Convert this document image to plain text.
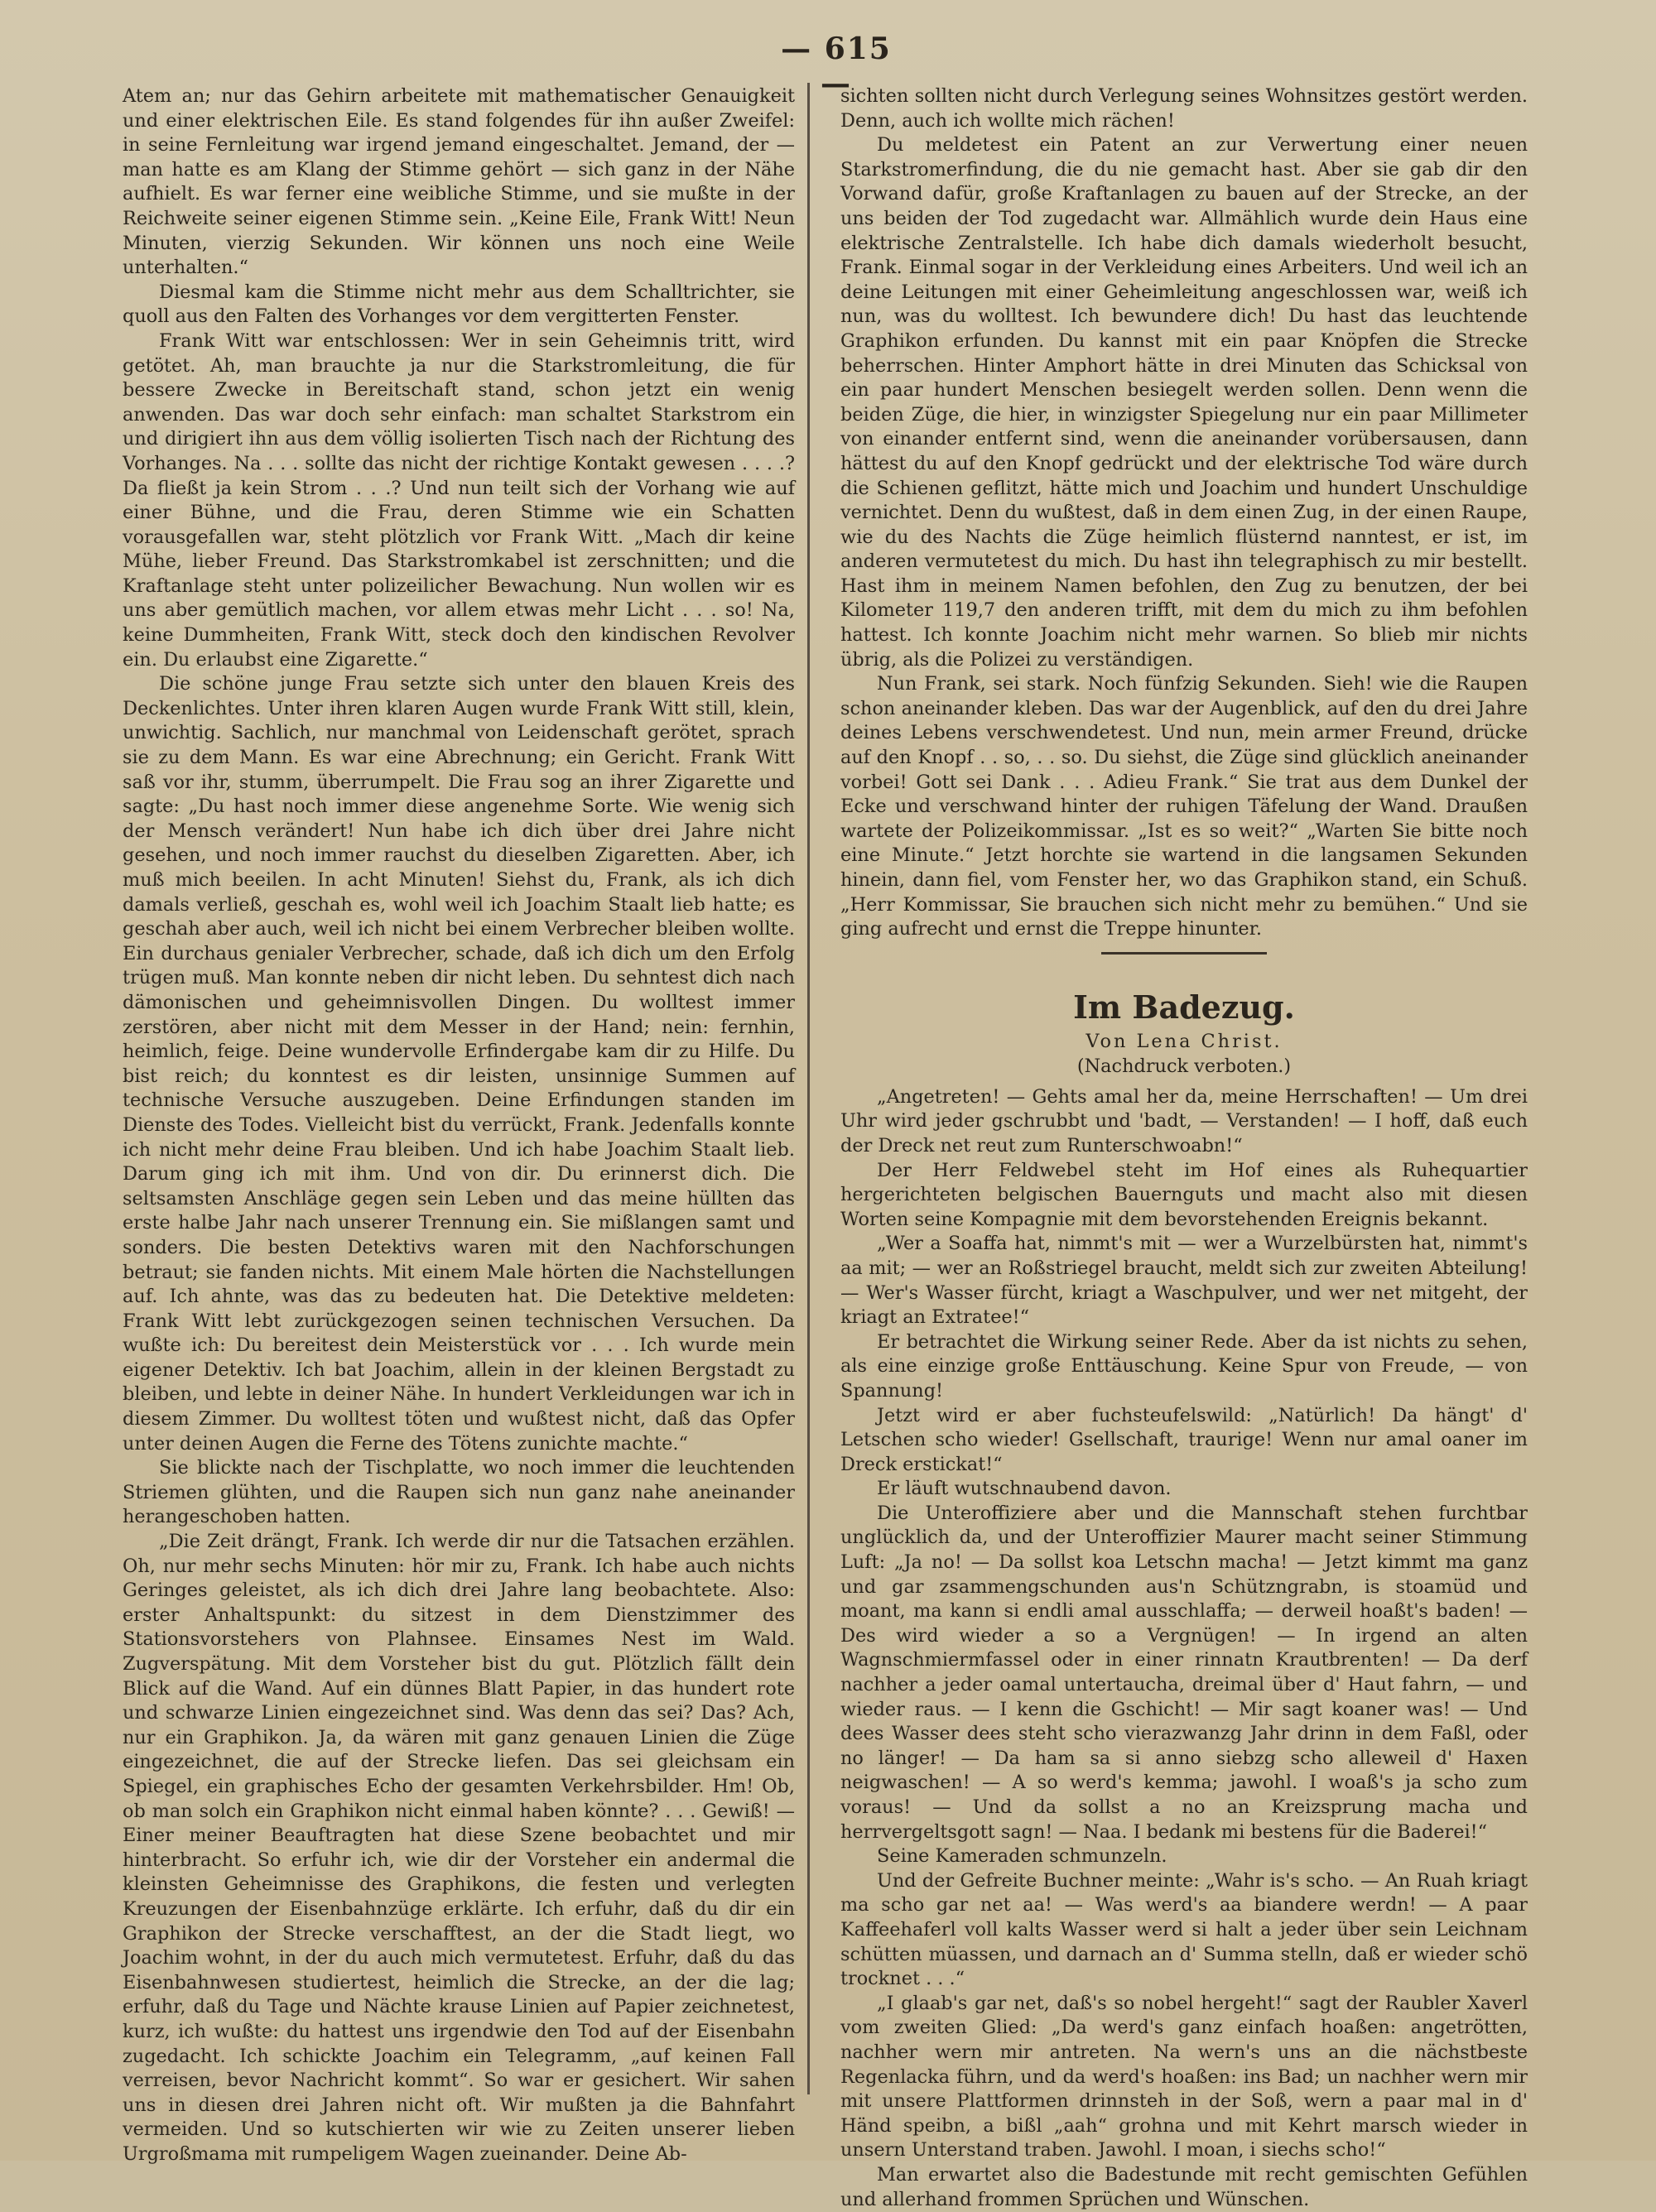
— 615 —

Atem an; nur das Gehirn arbeitete mit mathematischer Genauigkeit und einer elektrischen Eile. Es stand folgendes für ihn außer Zweifel: in seine Fernleitung war irgend jemand eingeschaltet. Jemand, der — man hatte es am Klang der Stimme gehört — sich ganz in der Nähe aufhielt. Es war ferner eine weibliche Stimme, und sie mußte in der Reichweite seiner eigenen Stimme sein. „Keine Eile, Frank Witt! Neun Minuten, vierzig Sekunden. Wir können uns noch eine Weile unterhalten.“

Diesmal kam die Stimme nicht mehr aus dem Schalltrichter, sie quoll aus den Falten des Vorhanges vor dem vergitterten Fenster.

Frank Witt war entschlossen: Wer in sein Geheimnis tritt, wird getötet. Ah, man brauchte ja nur die Starkstromleitung, die für bessere Zwecke in Bereitschaft stand, schon jetzt ein wenig anwenden. Das war doch sehr einfach: man schaltet Starkstrom ein und dirigiert ihn aus dem völlig isolierten Tisch nach der Richtung des Vorhanges. Na . . . sollte das nicht der richtige Kontakt gewesen . . . .? Da fließt ja kein Strom . . .? Und nun teilt sich der Vorhang wie auf einer Bühne, und die Frau, deren Stimme wie ein Schatten vorausgefallen war, steht plötzlich vor Frank Witt. „Mach dir keine Mühe, lieber Freund. Das Starkstromkabel ist zerschnitten; und die Kraftanlage steht unter polizeilicher Bewachung. Nun wollen wir es uns aber gemütlich machen, vor allem etwas mehr Licht . . . so! Na, keine Dummheiten, Frank Witt, steck doch den kindischen Revolver ein. Du erlaubst eine Zigarette.“

Die schöne junge Frau setzte sich unter den blauen Kreis des Deckenlichtes. Unter ihren klaren Augen wurde Frank Witt still, klein, unwichtig. Sachlich, nur manchmal von Leidenschaft gerötet, sprach sie zu dem Mann. Es war eine Abrechnung; ein Gericht. Frank Witt saß vor ihr, stumm, überrumpelt. Die Frau sog an ihrer Zigarette und sagte: „Du hast noch immer diese angenehme Sorte. Wie wenig sich der Mensch verändert! Nun habe ich dich über drei Jahre nicht gesehen, und noch immer rauchst du dieselben Zigaretten. Aber, ich muß mich beeilen. In acht Minuten! Siehst du, Frank, als ich dich damals verließ, geschah es, wohl weil ich Joachim Staalt lieb hatte; es geschah aber auch, weil ich nicht bei einem Verbrecher bleiben wollte. Ein durchaus genialer Verbrecher, schade, daß ich dich um den Erfolg trügen muß. Man konnte neben dir nicht leben. Du sehntest dich nach dämonischen und geheimnisvollen Dingen. Du wolltest immer zerstören, aber nicht mit dem Messer in der Hand; nein: fernhin, heimlich, feige. Deine wundervolle Erfindergabe kam dir zu Hilfe. Du bist reich; du konntest es dir leisten, unsinnige Summen auf technische Versuche auszugeben. Deine Erfindungen standen im Dienste des Todes. Vielleicht bist du verrückt, Frank. Jedenfalls konnte ich nicht mehr deine Frau bleiben. Und ich habe Joachim Staalt lieb. Darum ging ich mit ihm. Und von dir. Du erinnerst dich. Die seltsamsten Anschläge gegen sein Leben und das meine hüllten das erste halbe Jahr nach unserer Trennung ein. Sie mißlangen samt und sonders. Die besten Detektivs waren mit den Nachforschungen betraut; sie fanden nichts. Mit einem Male hörten die Nachstellungen auf. Ich ahnte, was das zu bedeuten hat. Die Detektive meldeten: Frank Witt lebt zurückgezogen seinen technischen Versuchen. Da wußte ich: Du bereitest dein Meisterstück vor . . . Ich wurde mein eigener Detektiv. Ich bat Joachim, allein in der kleinen Bergstadt zu bleiben, und lebte in deiner Nähe. In hundert Verkleidungen war ich in diesem Zimmer. Du wolltest töten und wußtest nicht, daß das Opfer unter deinen Augen die Ferne des Tötens zunichte machte.“

Sie blickte nach der Tischplatte, wo noch immer die leuchtenden Striemen glühten, und die Raupen sich nun ganz nahe aneinander herangeschoben hatten.

„Die Zeit drängt, Frank. Ich werde dir nur die Tatsachen erzählen. Oh, nur mehr sechs Minuten: hör mir zu, Frank. Ich habe auch nichts Geringes geleistet, als ich dich drei Jahre lang beobachtete. Also: erster Anhaltspunkt: du sitzest in dem Dienstzimmer des Stationsvorstehers von Plahnsee. Einsames Nest im Wald. Zugverspätung. Mit dem Vorsteher bist du gut. Plötzlich fällt dein Blick auf die Wand. Auf ein dünnes Blatt Papier, in das hundert rote und schwarze Linien eingezeichnet sind. Was denn das sei? Das? Ach, nur ein Graphikon. Ja, da wären mit ganz genauen Linien die Züge eingezeichnet, die auf der Strecke liefen. Das sei gleichsam ein Spiegel, ein graphisches Echo der gesamten Verkehrsbilder. Hm! Ob, ob man solch ein Graphikon nicht einmal haben könnte? . . . Gewiß! — Einer meiner Beauftragten hat diese Szene beobachtet und mir hinterbracht. So erfuhr ich, wie dir der Vorsteher ein andermal die kleinsten Geheimnisse des Graphikons, die festen und verlegten Kreuzungen der Eisenbahnzüge erklärte. Ich erfuhr, daß du dir ein Graphikon der Strecke verschafftest, an der die Stadt liegt, wo Joachim wohnt, in der du auch mich vermutetest. Erfuhr, daß du das Eisenbahnwesen studiertest, heimlich die Strecke, an der die lag; erfuhr, daß du Tage und Nächte krause Linien auf Papier zeichnetest, kurz, ich wußte: du hattest uns irgendwie den Tod auf der Eisenbahn zugedacht. Ich schickte Joachim ein Telegramm, „auf keinen Fall verreisen, bevor Nachricht kommt“. So war er gesichert. Wir sahen uns in diesen drei Jahren nicht oft. Wir mußten ja die Bahnfahrt vermeiden. Und so kutschierten wir wie zu Zeiten unserer lieben Urgroßmama mit rumpeligem Wagen zueinander. Deine Ab-

sichten sollten nicht durch Verlegung seines Wohnsitzes gestört werden. Denn, auch ich wollte mich rächen!

Du meldetest ein Patent an zur Verwertung einer neuen Starkstromerfindung, die du nie gemacht hast. Aber sie gab dir den Vorwand dafür, große Kraftanlagen zu bauen auf der Strecke, an der uns beiden der Tod zugedacht war. Allmählich wurde dein Haus eine elektrische Zentralstelle. Ich habe dich damals wiederholt besucht, Frank. Einmal sogar in der Verkleidung eines Arbeiters. Und weil ich an deine Leitungen mit einer Geheimleitung angeschlossen war, weiß ich nun, was du wolltest. Ich bewundere dich! Du hast das leuchtende Graphikon erfunden. Du kannst mit ein paar Knöpfen die Strecke beherrschen. Hinter Amphort hätte in drei Minuten das Schicksal von ein paar hundert Menschen besiegelt werden sollen. Denn wenn die beiden Züge, die hier, in winzigster Spiegelung nur ein paar Millimeter von einander entfernt sind, wenn die aneinander vorübersausen, dann hättest du auf den Knopf gedrückt und der elektrische Tod wäre durch die Schienen geflitzt, hätte mich und Joachim und hundert Unschuldige vernichtet. Denn du wußtest, daß in dem einen Zug, in der einen Raupe, wie du des Nachts die Züge heimlich flüsternd nanntest, er ist, im anderen vermutetest du mich. Du hast ihn telegraphisch zu mir bestellt. Hast ihm in meinem Namen befohlen, den Zug zu benutzen, der bei Kilometer 119,7 den anderen trifft, mit dem du mich zu ihm befohlen hattest. Ich konnte Joachim nicht mehr warnen. So blieb mir nichts übrig, als die Polizei zu verständigen.

Nun Frank, sei stark. Noch fünfzig Sekunden. Sieh! wie die Raupen schon aneinander kleben. Das war der Augenblick, auf den du drei Jahre deines Lebens verschwendetest. Und nun, mein armer Freund, drücke auf den Knopf . . so, . . so. Du siehst, die Züge sind glücklich aneinander vorbei! Gott sei Dank . . . Adieu Frank.“ Sie trat aus dem Dunkel der Ecke und verschwand hinter der ruhigen Täfelung der Wand. Draußen wartete der Polizeikommissar. „Ist es so weit?“ „Warten Sie bitte noch eine Minute.“ Jetzt horchte sie wartend in die langsamen Sekunden hinein, dann fiel, vom Fenster her, wo das Graphikon stand, ein Schuß. „Herr Kommissar, Sie brauchen sich nicht mehr zu bemühen.“ Und sie ging aufrecht und ernst die Treppe hinunter.

Im Badezug.
Von Lena Christ.
(Nachdruck verboten.)

„Angetreten! — Gehts amal her da, meine Herrschaften! — Um drei Uhr wird jeder gschrubbt und 'badt, — Verstanden! — I hoff, daß euch der Dreck net reut zum Runterschwoabn!“

Der Herr Feldwebel steht im Hof eines als Ruhequartier hergerichteten belgischen Bauernguts und macht also mit diesen Worten seine Kompagnie mit dem bevorstehenden Ereignis bekannt.

„Wer a Soaffa hat, nimmt's mit — wer a Wurzelbürsten hat, nimmt's aa mit; — wer an Roßstriegel braucht, meldt sich zur zweiten Abteilung! — Wer's Wasser fürcht, kriagt a Waschpulver, und wer net mitgeht, der kriagt an Extratee!“

Er betrachtet die Wirkung seiner Rede. Aber da ist nichts zu sehen, als eine einzige große Enttäuschung. Keine Spur von Freude, — von Spannung!

Jetzt wird er aber fuchsteufelswild: „Natürlich! Da hängt' d' Letschen scho wieder! Gsellschaft, traurige! Wenn nur amal oaner im Dreck erstickat!“

Er läuft wutschnaubend davon.

Die Unteroffiziere aber und die Mannschaft stehen furchtbar unglücklich da, und der Unteroffizier Maurer macht seiner Stimmung Luft: „Ja no! — Da sollst koa Letschn macha! — Jetzt kimmt ma ganz und gar zsammengschunden aus'n Schützngrabn, is stoamüd und moant, ma kann si endli amal ausschlaffa; — derweil hoaßt's baden! — Des wird wieder a so a Vergnügen! — In irgend an alten Wagnschmiermfassel oder in einer rinnatn Krautbrenten! — Da derf nachher a jeder oamal untertaucha, dreimal über d' Haut fahrn, — und wieder raus. — I kenn die Gschicht! — Mir sagt koaner was! — Und dees Wasser dees steht scho vierazwanzg Jahr drinn in dem Faßl, oder no länger! — Da ham sa si anno siebzg scho alleweil d' Haxen neigwaschen! — A so werd's kemma; jawohl. I woaß's ja scho zum voraus! — Und da sollst a no an Kreizsprung macha und herrvergeltsgott sagn! — Naa. I bedank mi bestens für die Baderei!“

Seine Kameraden schmunzeln.

Und der Gefreite Buchner meinte: „Wahr is's scho. — An Ruah kriagt ma scho gar net aa! — Was werd's aa biandere werdn! — A paar Kaffeehaferl voll kalts Wasser werd si halt a jeder über sein Leichnam schütten müassen, und darnach an d' Summa stelln, daß er wieder schö trocknet . . .“

„I glaab's gar net, daß's so nobel hergeht!“ sagt der Raubler Xaverl vom zweiten Glied: „Da werd's ganz einfach hoaßen: angetrötten, nachher wern mir antreten. Na wern's uns an die nächstbeste Regenlacka führn, und da werd's hoaßen: ins Bad; un nachher wern mir mit unsere Plattformen drinnsteh in der Soß, wern a paar mal in d' Händ speibn, a bißl „aah“ grohna und mit Kehrt marsch wieder in unsern Unterstand traben. Jawohl. I moan, i siechs scho!“

Man erwartet also die Badestunde mit recht gemischten Gefühlen und allerhand frommen Sprüchen und Wünschen.
